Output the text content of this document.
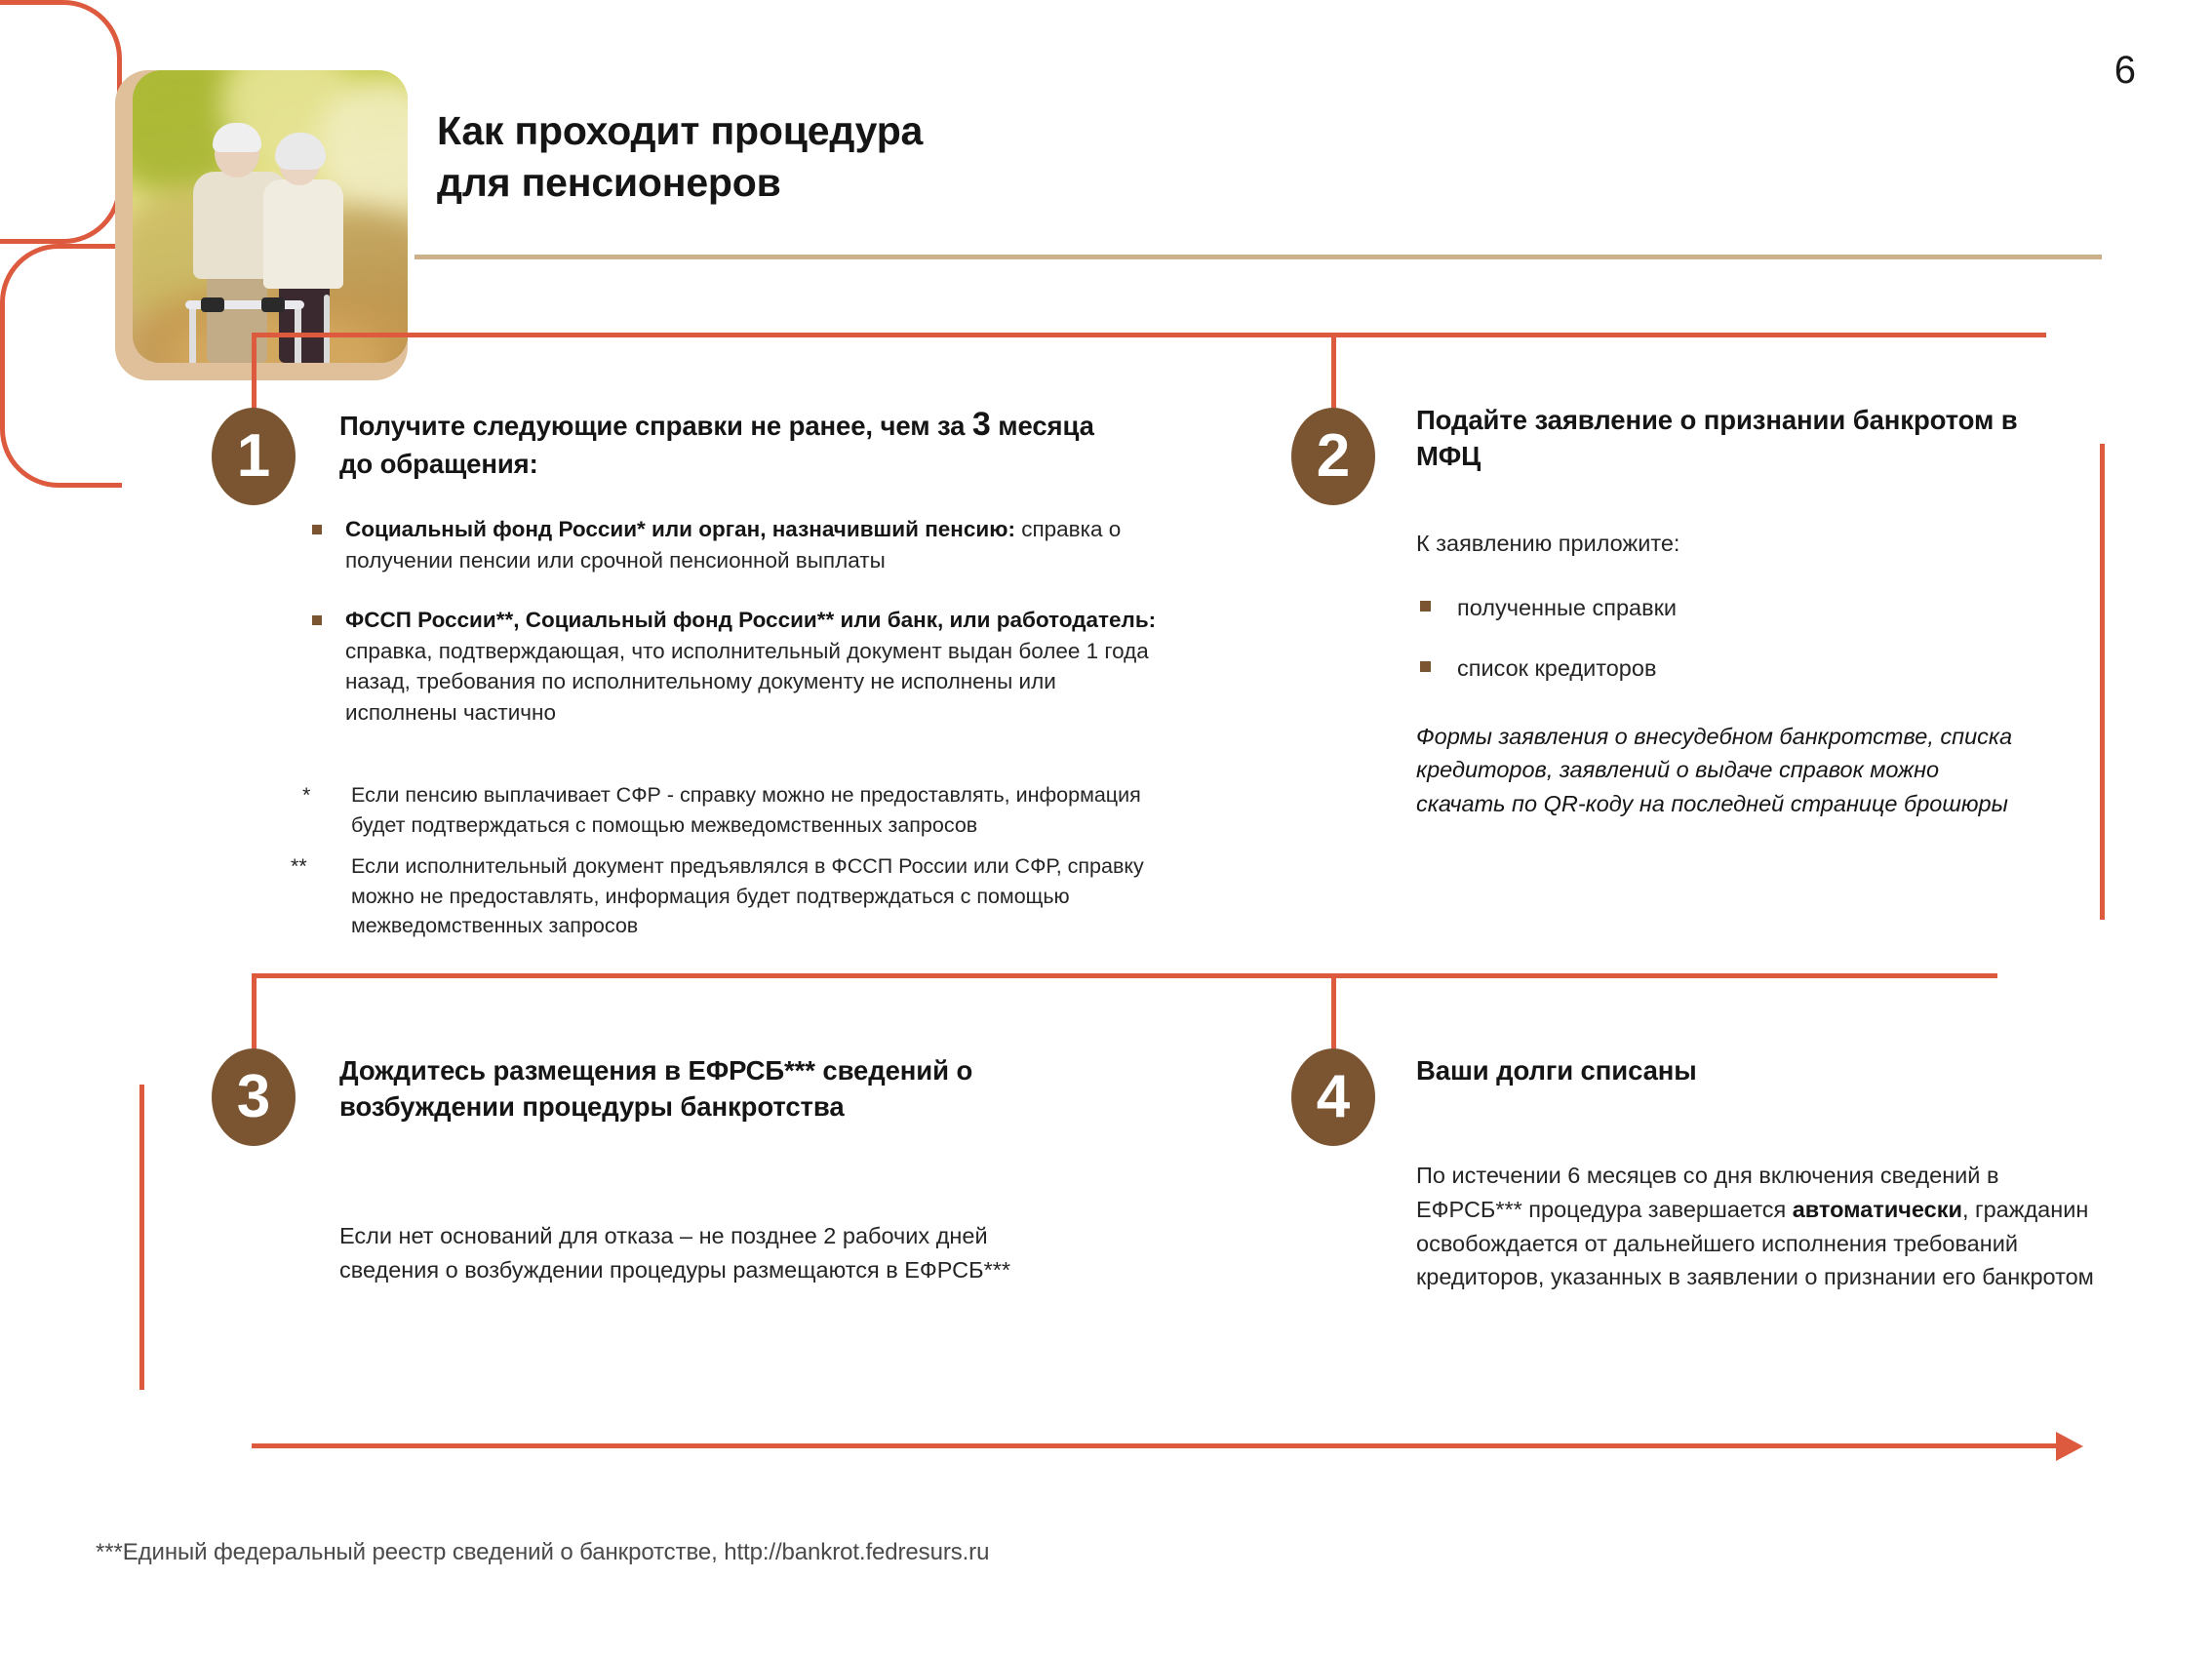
6
Как проходит процедура
для пенсионеров
1	Получите следующие справки не ранее, чем за 3 месяца до обращения:
Социальный фонд России* или орган, назначивший пенсию: справка о получении пенсии или срочной пенсионной выплаты
ФССП России**, Социальный фонд России** или банк, или работодатель: справка, подтверждающая, что исполнительный документ выдан более 1 года назад, требования по исполнительному документу не исполнены или исполнены частично
*	Если пенсию выплачивает СФР - справку можно не предоставлять, информация будет подтверждаться с помощью межведомственных запросов
**	Если исполнительный документ предъявлялся в ФССП России или СФР, справку можно не предоставлять, информация будет подтверждаться с помощью межведомственных запросов
2
Подайте заявление о признании банкротом в МФЦ
К заявлению приложите:
полученные справки
список кредиторов
Формы заявления о внесудебном банкротстве, списка кредиторов, заявлений о выдаче справок можно скачать по QR-коду на последней странице брошюры
3	Дождитесь размещения в ЕФРСБ*** сведений о возбуждении процедуры банкротства
Если нет оснований для отказа – не позднее 2 рабочих дней сведения о возбуждении процедуры размещаются в ЕФРСБ***
4	Ваши долги списаны
По истечении 6 месяцев со дня включения сведений в ЕФРСБ*** процедура завершается автоматически, гражданин освобождается от дальнейшего исполнения требований кредиторов, указанных в заявлении о признании его банкротом
***Единый федеральный реестр сведений о банкротстве, http://bankrot.fedresurs.ru
